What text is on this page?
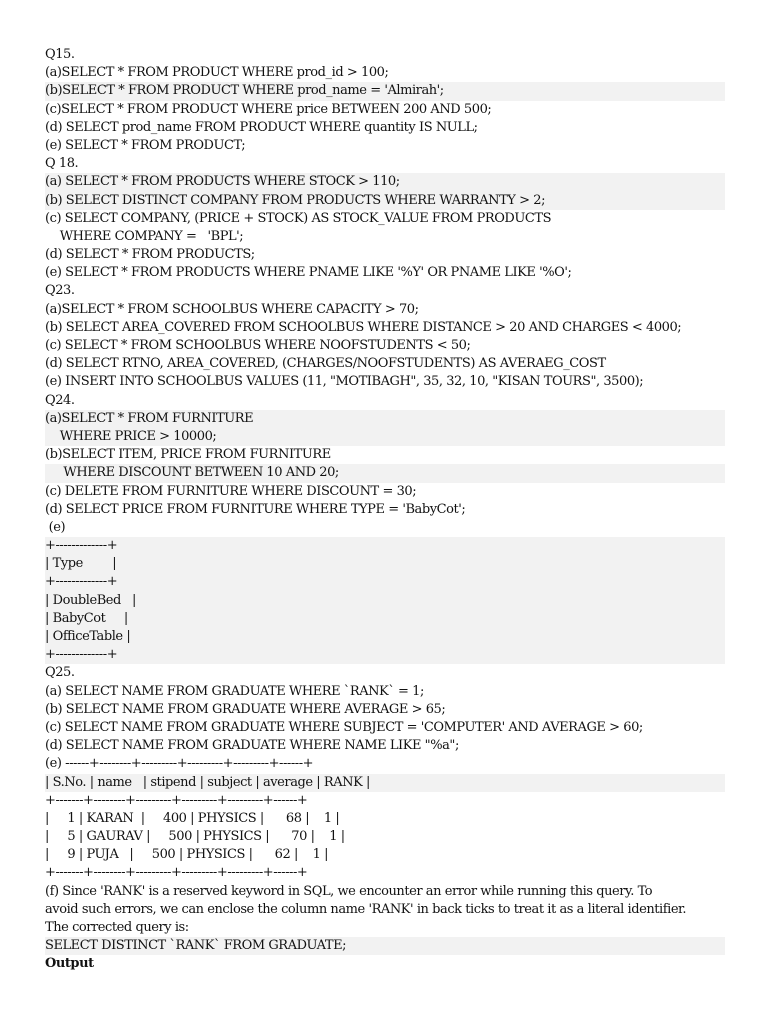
Q15.
(a)SELECT * FROM PRODUCT WHERE prod_id > 100;
(b)SELECT * FROM PRODUCT WHERE prod_name = 'Almirah';
(c)SELECT * FROM PRODUCT WHERE price BETWEEN 200 AND 500;
(d) SELECT prod_name FROM PRODUCT WHERE quantity IS NULL;
(e) SELECT * FROM PRODUCT;
Q 18.
(a) SELECT * FROM PRODUCTS WHERE STOCK > 110;
(b) SELECT DISTINCT COMPANY FROM PRODUCTS WHERE WARRANTY > 2;
(c) SELECT COMPANY, (PRICE + STOCK) AS STOCK_VALUE FROM PRODUCTS
WHERE COMPANY =   'BPL';
(d) SELECT * FROM PRODUCTS;
(e) SELECT * FROM PRODUCTS WHERE PNAME LIKE '%Y' OR PNAME LIKE '%O';
Q23.
(a)SELECT * FROM SCHOOLBUS WHERE CAPACITY > 70;
(b) SELECT AREA_COVERED FROM SCHOOLBUS WHERE DISTANCE > 20 AND CHARGES < 4000;
(c) SELECT * FROM SCHOOLBUS WHERE NOOFSTUDENTS < 50;
(d) SELECT RTNO, AREA_COVERED, (CHARGES/NOOFSTUDENTS) AS AVERAEG_COST
(e) INSERT INTO SCHOOLBUS VALUES (11, "MOTIBAGH", 35, 32, 10, "KISAN TOURS", 3500);
Q24.
(a)SELECT * FROM FURNITURE
WHERE PRICE > 10000;
(b)SELECT ITEM, PRICE FROM FURNITURE
WHERE DISCOUNT BETWEEN 10 AND 20;
(c) DELETE FROM FURNITURE WHERE DISCOUNT = 30;
(d) SELECT PRICE FROM FURNITURE WHERE TYPE = 'BabyCot';
(e)
+-------------+
| Type        |
+-------------+
| DoubleBed   |
| BabyCot     |
| OfficeTable |
+-------------+
Q25.
(a) SELECT NAME FROM GRADUATE WHERE `RANK` = 1;
(b) SELECT NAME FROM GRADUATE WHERE AVERAGE > 65;
(c) SELECT NAME FROM GRADUATE WHERE SUBJECT = 'COMPUTER' AND AVERAGE > 60;
(d) SELECT NAME FROM GRADUATE WHERE NAME LIKE "%a";
(e) ------+--------+---------+---------+---------+------+
| S.No. | name   | stipend | subject | average | RANK |
+-------+--------+---------+---------+---------+------+
|     1 | KARAN  |     400 | PHYSICS |      68 |    1 |
|     5 | GAURAV |     500 | PHYSICS |      70 |    1 |
|     9 | PUJA   |     500 | PHYSICS |      62 |    1 |
+-------+--------+---------+---------+---------+------+
(f) Since 'RANK' is a reserved keyword in SQL, we encounter an error while running this query. To
avoid such errors, we can enclose the column name 'RANK' in back ticks to treat it as a literal identifier.
The corrected query is:
SELECT DISTINCT `RANK` FROM GRADUATE;
Output
